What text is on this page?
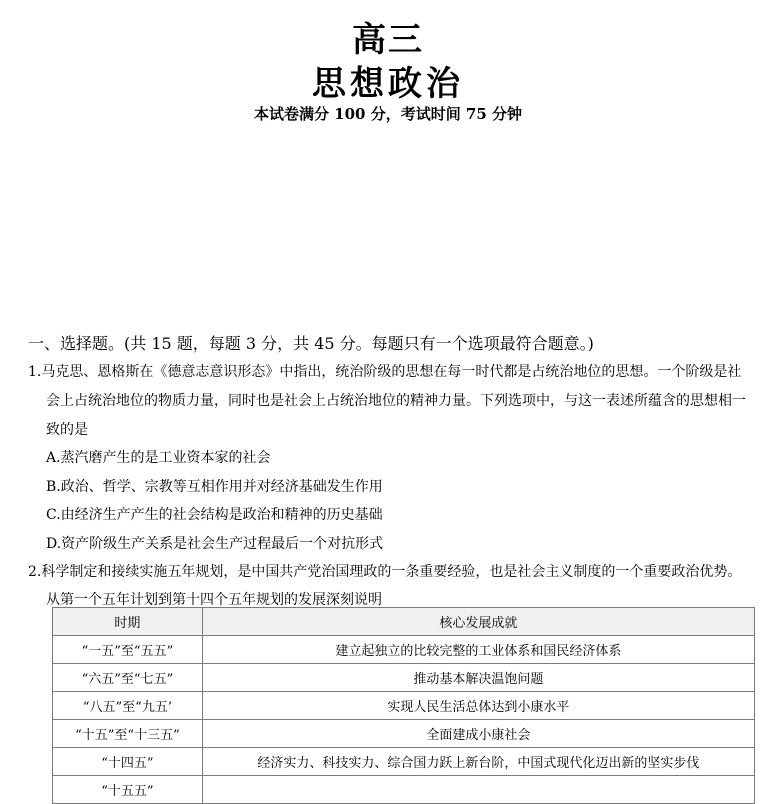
高三
思想政治
本试卷满分 100 分，考试时间 75 分钟
一、选择题。(共 15 题，每题 3 分，共 45 分。每题只有一个选项最符合题意。)
1.马克思、恩格斯在《德意志意识形态》中指出，统治阶级的思想在每一时代都是占统治地位的思想。一个阶级是社
会上占统治地位的物质力量，同时也是社会上占统治地位的精神力量。下列选项中，与这一表述所蕴含的思想相一
致的是
A.蒸汽磨产生的是工业资本家的社会
B.政治、哲学、宗教等互相作用并对经济基础发生作用
C.由经济生产产生的社会结构是政治和精神的历史基础
D.资产阶级生产关系是社会生产过程最后一个对抗形式
2.科学制定和接续实施五年规划，是中国共产党治国理政的一条重要经验，也是社会主义制度的一个重要政治优势。
从第一个五年计划到第十四个五年规划的发展深刻说明
时期	核心发展成就
“一五”至“五五”	建立起独立的比较完整的工业体系和国民经济体系
“六五”至“七五”	推动基本解决温饱问题
“八五”至“九五’	实现人民生活总体达到小康水平
“十五”至“十三五”	全面建成小康社会
“十四五”	经济实力、科技实力、综合国力跃上新台阶，中国式现代化迈出新的坚实步伐
“十五五”	
